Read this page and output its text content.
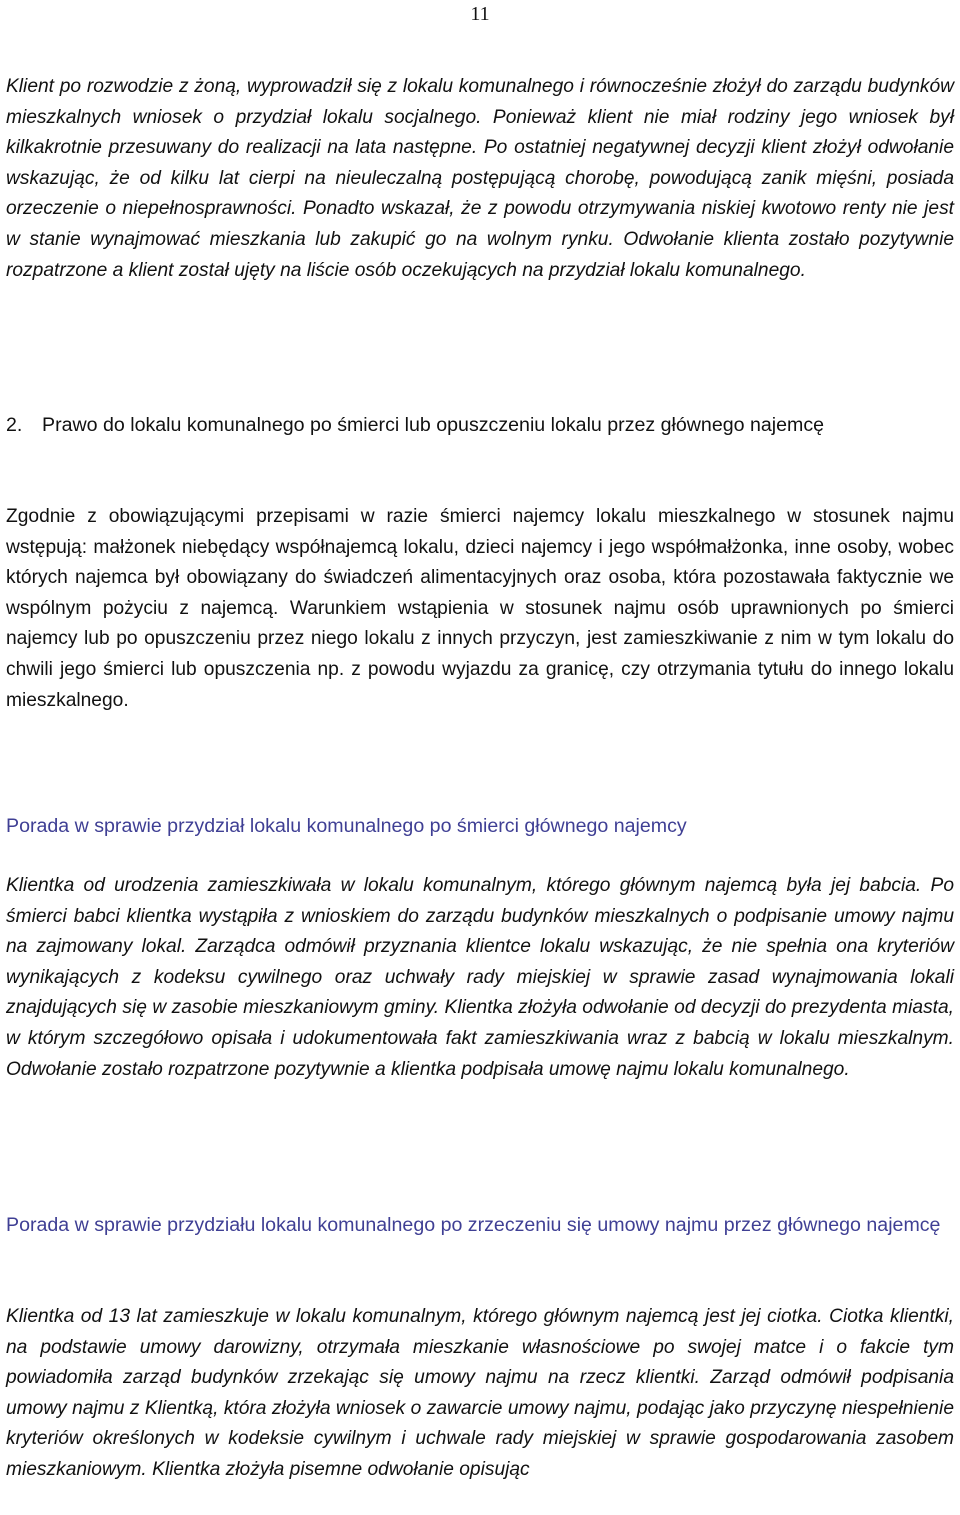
11

Klient po rozwodzie z żoną, wyprowadził się z lokalu komunalnego i równocześnie złożył do zarządu budynków mieszkalnych wniosek o przydział lokalu socjalnego. Ponieważ klient nie miał rodziny jego wniosek był kilkakrotnie przesuwany do realizacji na lata następne. Po ostatniej negatywnej decyzji klient złożył odwołanie wskazując, że od kilku lat cierpi na nieuleczalną postępującą chorobę, powodującą zanik mięśni, posiada orzeczenie o niepełnosprawności. Ponadto wskazał, że z powodu otrzymywania niskiej kwotowo renty nie jest w stanie wynajmować mieszkania lub zakupić go na wolnym rynku. Odwołanie klienta zostało pozytywnie rozpatrzone a klient został ujęty na liście osób oczekujących na przydział lokalu komunalnego.

2.	Prawo do lokalu komunalnego po śmierci lub opuszczeniu lokalu przez głównego najemcę

Zgodnie z obowiązującymi przepisami w razie śmierci najemcy lokalu mieszkalnego w stosunek najmu wstępują: małżonek niebędący współnajemcą lokalu, dzieci najemcy i jego współmałżonka, inne osoby, wobec których najemca był obowiązany do świadczeń alimentacyjnych oraz osoba, która pozostawała faktycznie we wspólnym pożyciu z najemcą. Warunkiem wstąpienia w stosunek najmu osób uprawnionych po śmierci najemcy lub po opuszczeniu przez niego lokalu z innych przyczyn, jest zamieszkiwanie z nim w tym lokalu do chwili jego śmierci lub opuszczenia np. z powodu wyjazdu za granicę, czy otrzymania tytułu do innego lokalu mieszkalnego.

Porada w sprawie przydział lokalu komunalnego po śmierci głównego najemcy

Klientka od urodzenia zamieszkiwała w lokalu komunalnym, którego głównym najemcą była jej babcia. Po śmierci babci klientka wystąpiła z wnioskiem do zarządu budynków mieszkalnych o podpisanie umowy najmu na zajmowany lokal. Zarządca odmówił przyznania klientce lokalu wskazując, że nie spełnia ona kryteriów wynikających z kodeksu cywilnego oraz uchwały rady miejskiej w sprawie zasad wynajmowania lokali znajdujących się w zasobie mieszkaniowym gminy. Klientka złożyła odwołanie od decyzji do prezydenta miasta, w którym szczegółowo opisała i udokumentowała fakt zamieszkiwania wraz z babcią w lokalu mieszkalnym. Odwołanie zostało rozpatrzone pozytywnie a klientka podpisała umowę najmu lokalu komunalnego.

Porada w sprawie przydziału lokalu komunalnego po zrzeczeniu się umowy najmu przez głównego najemcę

Klientka od 13 lat zamieszkuje w lokalu komunalnym, którego głównym najemcą jest jej ciotka. Ciotka klientki, na podstawie umowy darowizny, otrzymała mieszkanie własnościowe po swojej matce i o fakcie tym powiadomiła zarząd budynków zrzekając się umowy najmu na rzecz klientki. Zarząd odmówił podpisania umowy najmu z Klientką, która złożyła wniosek o zawarcie umowy najmu, podając jako przyczynę niespełnienie kryteriów określonych w kodeksie cywilnym i uchwale rady miejskiej w sprawie gospodarowania zasobem mieszkaniowym. Klientka złożyła pisemne odwołanie opisując
